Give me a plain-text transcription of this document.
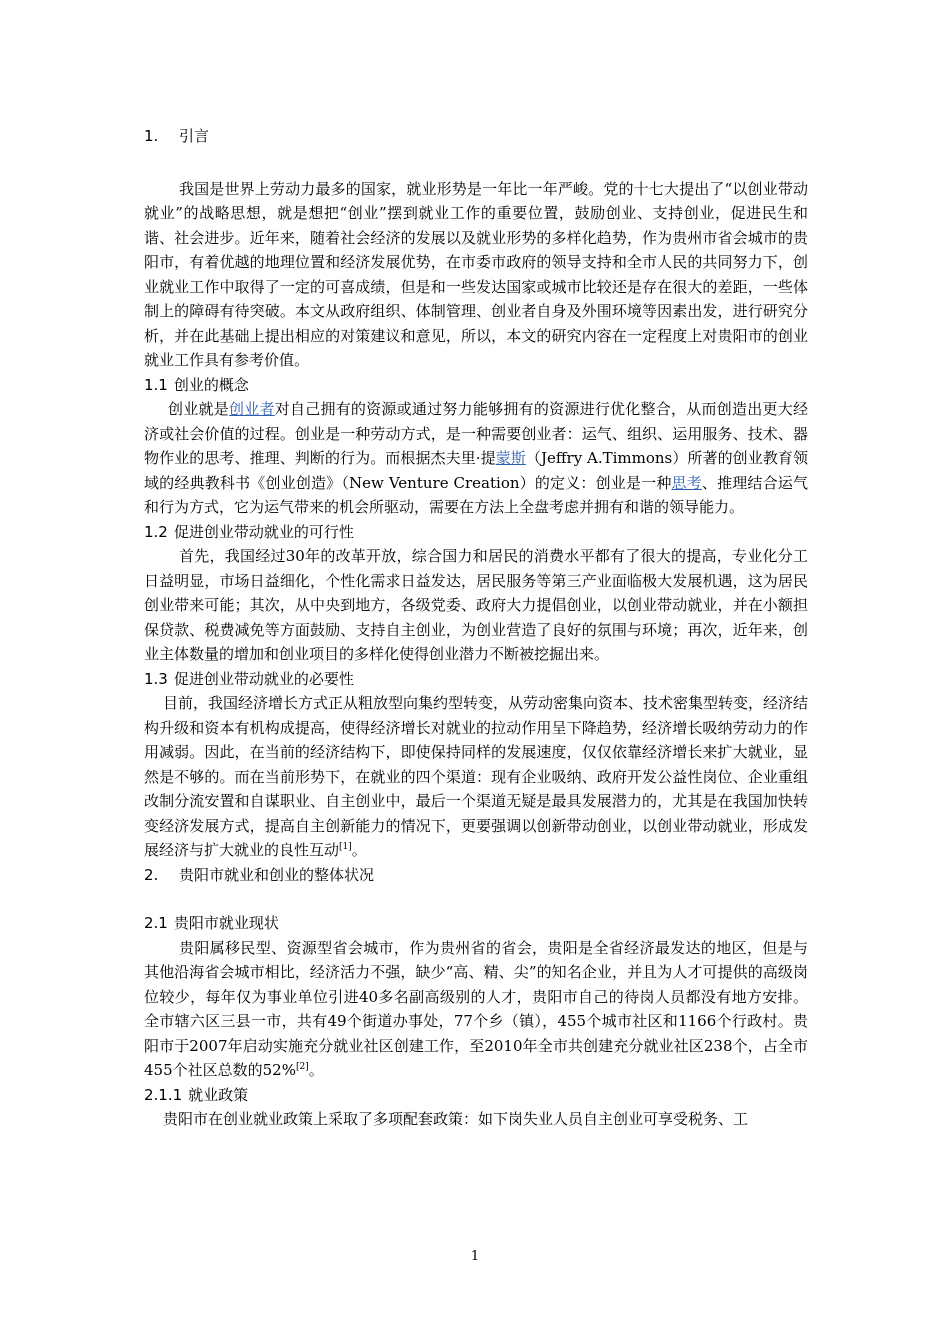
1. 引言

我国是世界上劳动力最多的国家，就业形势是一年比一年严峻。党的十七大提出了“以创业带动就业”的战略思想，就是想把“创业”摆到就业工作的重要位置，鼓励创业、支持创业，促进民生和谐、社会进步。近年来，随着社会经济的发展以及就业形势的多样化趋势，作为贵州市省会城市的贵阳市，有着优越的地理位置和经济发展优势，在市委市政府的领导支持和全市人民的共同努力下，创业就业工作中取得了一定的可喜成绩，但是和一些发达国家或城市比较还是存在很大的差距，一些体制上的障碍有待突破。本文从政府组织、体制管理、创业者自身及外围环境等因素出发，进行研究分析，并在此基础上提出相应的对策建议和意见，所以，本文的研究内容在一定程度上对贵阳市的创业就业工作具有参考价值。

1.1 创业的概念

创业就是创业者对自己拥有的资源或通过努力能够拥有的资源进行优化整合，从而创造出更大经济或社会价值的过程。创业是一种劳动方式，是一种需要创业者：运气、组织、运用服务、技术、器物作业的思考、推理、判断的行为。而根据杰夫里·提蒙斯（Jeffry A.Timmons）所著的创业教育领域的经典教科书《创业创造》（New Venture Creation）的定义：创业是一种思考、推理结合运气和行为方式，它为运气带来的机会所驱动，需要在方法上全盘考虑并拥有和谐的领导能力。

1.2 促进创业带动就业的可行性

首先，我国经过30年的改革开放，综合国力和居民的消费水平都有了很大的提高，专业化分工日益明显，市场日益细化，个性化需求日益发达，居民服务等第三产业面临极大发展机遇，这为居民创业带来可能；其次，从中央到地方，各级党委、政府大力提倡创业，以创业带动就业，并在小额担保贷款、税费减免等方面鼓励、支持自主创业，为创业营造了良好的氛围与环境；再次，近年来，创业主体数量的增加和创业项目的多样化使得创业潜力不断被挖掘出来。

1.3 促进创业带动就业的必要性

目前，我国经济增长方式正从粗放型向集约型转变，从劳动密集向资本、技术密集型转变，经济结构升级和资本有机构成提高，使得经济增长对就业的拉动作用呈下降趋势，经济增长吸纳劳动力的作用减弱。因此，在当前的经济结构下，即使保持同样的发展速度，仅仅依靠经济增长来扩大就业，显然是不够的。而在当前形势下，在就业的四个渠道：现有企业吸纳、政府开发公益性岗位、企业重组改制分流安置和自谋职业、自主创业中，最后一个渠道无疑是最具发展潜力的，尤其是在我国加快转变经济发展方式，提高自主创新能力的情况下，更要强调以创新带动创业，以创业带动就业，形成发展经济与扩大就业的良性互动[1]。

2. 贵阳市就业和创业的整体状况

2.1 贵阳市就业现状

贵阳属移民型、资源型省会城市，作为贵州省的省会，贵阳是全省经济最发达的地区，但是与其他沿海省会城市相比，经济活力不强，缺少“高、精、尖”的知名企业，并且为人才可提供的高级岗位较少，每年仅为事业单位引进40多名副高级别的人才，贵阳市自己的待岗人员都没有地方安排。全市辖六区三县一市，共有49个街道办事处，77个乡（镇），455个城市社区和1166个行政村。贵阳市于2007年启动实施充分就业社区创建工作，至2010年全市共创建充分就业社区238个，占全市455个社区总数的52%[2]。

2.1.1 就业政策

贵阳市在创业就业政策上采取了多项配套政策：如下岗失业人员自主创业可享受税务、工

1
